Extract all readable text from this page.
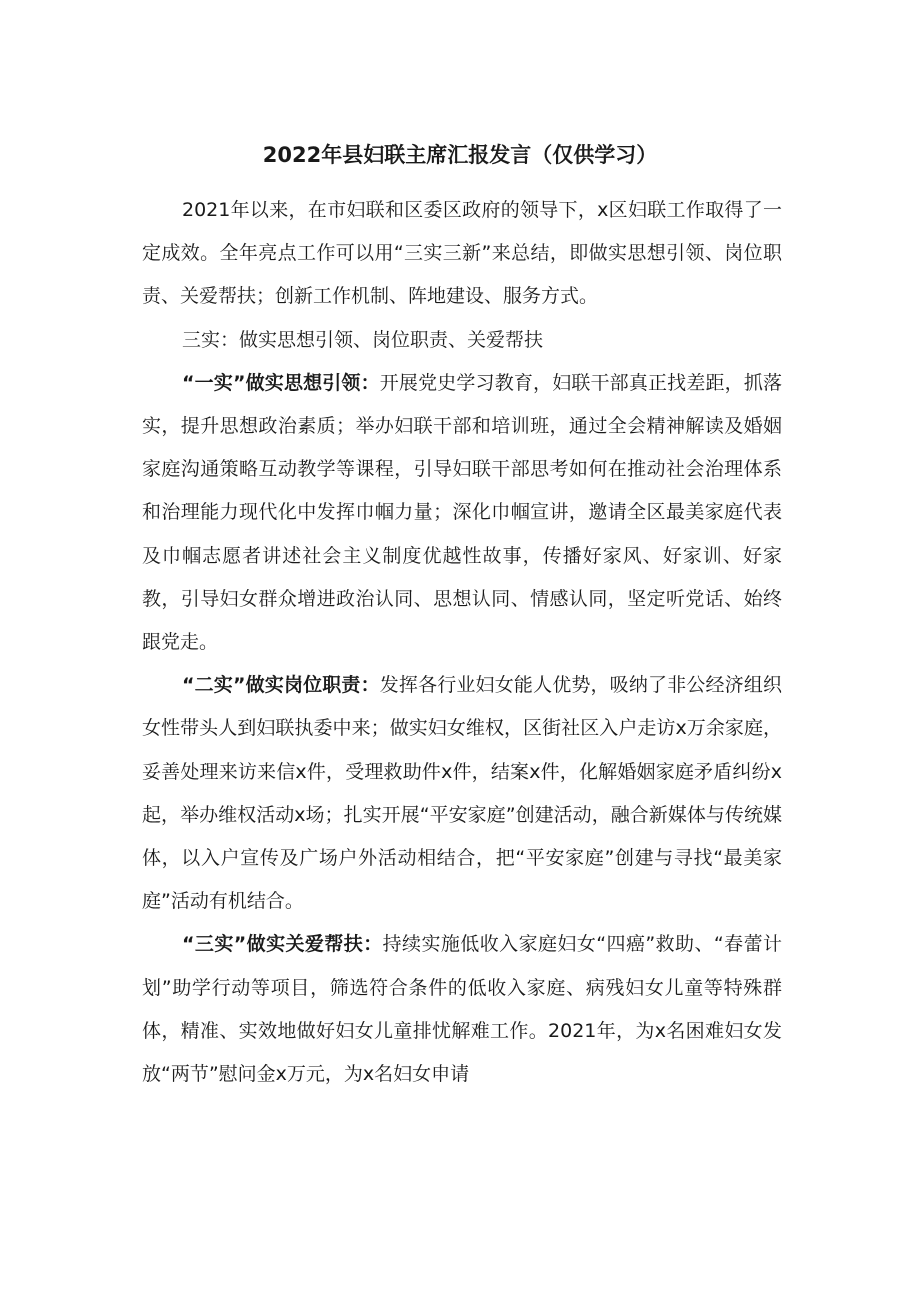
2022年县妇联主席汇报发言（仅供学习）

2021年以来，在市妇联和区委区政府的领导下，x区妇联工作取得了一定成效。全年亮点工作可以用“三实三新”来总结，即做实思想引领、岗位职责、关爱帮扶；创新工作机制、阵地建设、服务方式。

三实：做实思想引领、岗位职责、关爱帮扶

“一实”做实思想引领：开展党史学习教育，妇联干部真正找差距，抓落实，提升思想政治素质；举办妇联干部和培训班，通过全会精神解读及婚姻家庭沟通策略互动教学等课程，引导妇联干部思考如何在推动社会治理体系和治理能力现代化中发挥巾帼力量；深化巾帼宣讲，邀请全区最美家庭代表及巾帼志愿者讲述社会主义制度优越性故事，传播好家风、好家训、好家教，引导妇女群众增进政治认同、思想认同、情感认同，坚定听党话、始终跟党走。

“二实”做实岗位职责：发挥各行业妇女能人优势，吸纳了非公经济组织女性带头人到妇联执委中来；做实妇女维权，区街社区入户走访x万余家庭，妥善处理来访来信x件，受理救助件x件，结案x件，化解婚姻家庭矛盾纠纷x起，举办维权活动x场；扎实开展“平安家庭”创建活动，融合新媒体与传统媒体，以入户宣传及广场户外活动相结合，把“平安家庭”创建与寻找“最美家庭”活动有机结合。

“三实”做实关爱帮扶：持续实施低收入家庭妇女“四癌”救助、“春蕾计划”助学行动等项目，筛选符合条件的低收入家庭、病残妇女儿童等特殊群体，精准、实效地做好妇女儿童排忧解难工作。2021年，为x名困难妇女发放“两节”慰问金x万元，为x名妇女申请
